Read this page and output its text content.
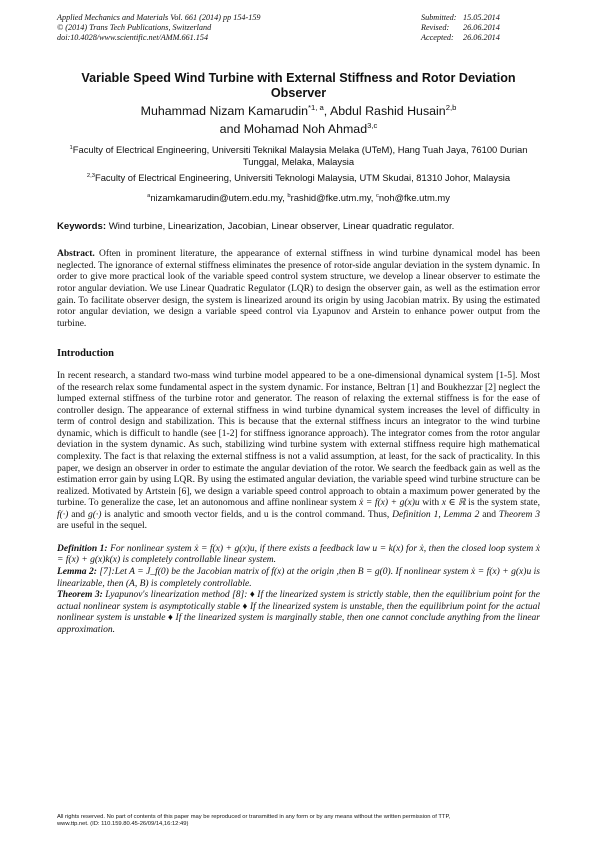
Applied Mechanics and Materials Vol. 661 (2014) pp 154-159
© (2014) Trans Tech Publications, Switzerland
doi:10.4028/www.scientific.net/AMM.661.154
Submitted: 15.05.2014
Revised: 26.06.2014
Accepted: 26.06.2014
Variable Speed Wind Turbine with External Stiffness and Rotor Deviation Observer
Muhammad Nizam Kamarudin$^{*1, a}$, Abdul Rashid Husain$^{2,b}$
and Mohamad Noh Ahmad$^{3,c}$
$^1$Faculty of Electrical Engineering, Universiti Teknikal Malaysia Melaka (UTeM), Hang Tuah Jaya, 76100 Durian Tunggal, Melaka, Malaysia
$^{2,3}$Faculty of Electrical Engineering, Universiti Teknologi Malaysia, UTM Skudai, 81310 Johor, Malaysia
$^a$nizamkamarudin@utem.edu.my, $^b$rashid@fke.utm.my, $^c$noh@fke.utm.my
Keywords: Wind turbine, Linearization, Jacobian, Linear observer, Linear quadratic regulator.
Abstract. Often in prominent literature, the appearance of external stiffness in wind turbine dynamical model has been neglected. The ignorance of external stiffness eliminates the presence of rotor-side angular deviation in the system dynamic. In order to give more practical look of the variable speed control system structure, we develop a linear observer to estimate the rotor angular deviation. We use Linear Quadratic Regulator (LQR) to design the observer gain, as well as the estimation error gain. To facilitate observer design, the system is linearized around its origin by using Jacobian matrix. By using the estimated rotor angular deviation, we design a variable speed control via Lyapunov and Arstein to enhance power output from the turbine.
Introduction
In recent research, a standard two-mass wind turbine model appeared to be a one-dimensional dynamical system [1-5]. Most of the research relax some fundamental aspect in the system dynamic. For instance, Beltran [1] and Boukhezzar [2] neglect the lumped external stiffness of the turbine rotor and generator. The reason of relaxing the external stiffness is for the ease of controller design. The appearance of external stiffness in wind turbine dynamical system increases the level of difficulty in term of control design and stabilization. This is because that the external stiffness incurs an integrator to the wind turbine dynamic, which is difficult to handle (see [1-2] for stiffness ignorance approach). The integrator comes from the rotor angular deviation in the system dynamic. As such, stabilizing wind turbine system with external stiffness require high mathematical complexity. The fact is that relaxing the external stiffness is not a valid assumption, at least, for the sack of practicality. In this paper, we design an observer in order to estimate the angular deviation of the rotor. We search the feedback gain as well as the estimation error gain by using LQR. By using the estimated angular deviation, the variable speed wind turbine structure can be realized. Motivated by Artstein [6], we design a variable speed control approach to obtain a maximum power generated by the turbine. To generalize the case, let an autonomous and affine nonlinear system ẋ = f(x) + g(x)u with x ∈ ℝ is the system state, f(·) and g(·) is analytic and smooth vector fields, and u is the control command. Thus, Definition 1, Lemma 2 and Theorem 3 are useful in the sequel.

Definition 1: For nonlinear system ẋ = f(x) + g(x)u, if there exists a feedback law u = k(x) for ẋ, then the closed loop system ẋ = f(x) + g(x)k(x) is completely controllable linear system.

Lemma 2: [7]:Let A = J_f(0) be the Jacobian matrix of f(x) at the origin ,then B = g(0). If nonlinear system ẋ = f(x) + g(x)u is linearizable, then (A, B) is completely controllable.

Theorem 3: Lyapunov's linearization method [8]: ♦ If the linearized system is strictly stable, then the equilibrium point for the actual nonlinear system is asymptotically stable ♦ If the linearized system is unstable, then the equilibrium point for the actual nonlinear system is unstable ♦ If the linearized system is marginally stable, then one cannot conclude anything from the linear approximation.

All rights reserved. No part of contents of this paper may be reproduced or transmitted in any form or by any means without the written permission of TTP,
www.ttp.net. (ID: 110.159.80.45-26/09/14,16:12:49)
